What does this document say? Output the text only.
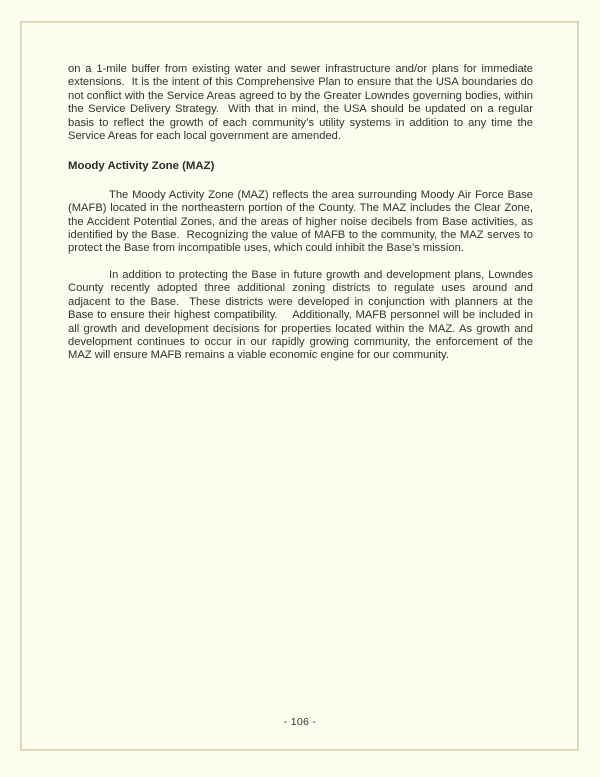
on a 1-mile buffer from existing water and sewer infrastructure and/or plans for immediate extensions.  It is the intent of this Comprehensive Plan to ensure that the USA boundaries do not conflict with the Service Areas agreed to by the Greater Lowndes governing bodies, within the Service Delivery Strategy.  With that in mind, the USA should be updated on a regular basis to reflect the growth of each community’s utility systems in addition to any time the Service Areas for each local government are amended.

Moody Activity Zone (MAZ)

The Moody Activity Zone (MAZ) reflects the area surrounding Moody Air Force Base (MAFB) located in the northeastern portion of the County. The MAZ includes the Clear Zone, the Accident Potential Zones, and the areas of higher noise decibels from Base activities, as identified by the Base.  Recognizing the value of MAFB to the community, the MAZ serves to protect the Base from incompatible uses, which could inhibit the Base’s mission.

In addition to protecting the Base in future growth and development plans, Lowndes County recently adopted three additional zoning districts to regulate uses around and adjacent to the Base.  These districts were developed in conjunction with planners at the Base to ensure their highest compatibility.    Additionally, MAFB personnel will be included in all growth and development decisions for properties located within the MAZ. As growth and development continues to occur in our rapidly growing community, the enforcement of the MAZ will ensure MAFB remains a viable economic engine for our community.

- 106 -
